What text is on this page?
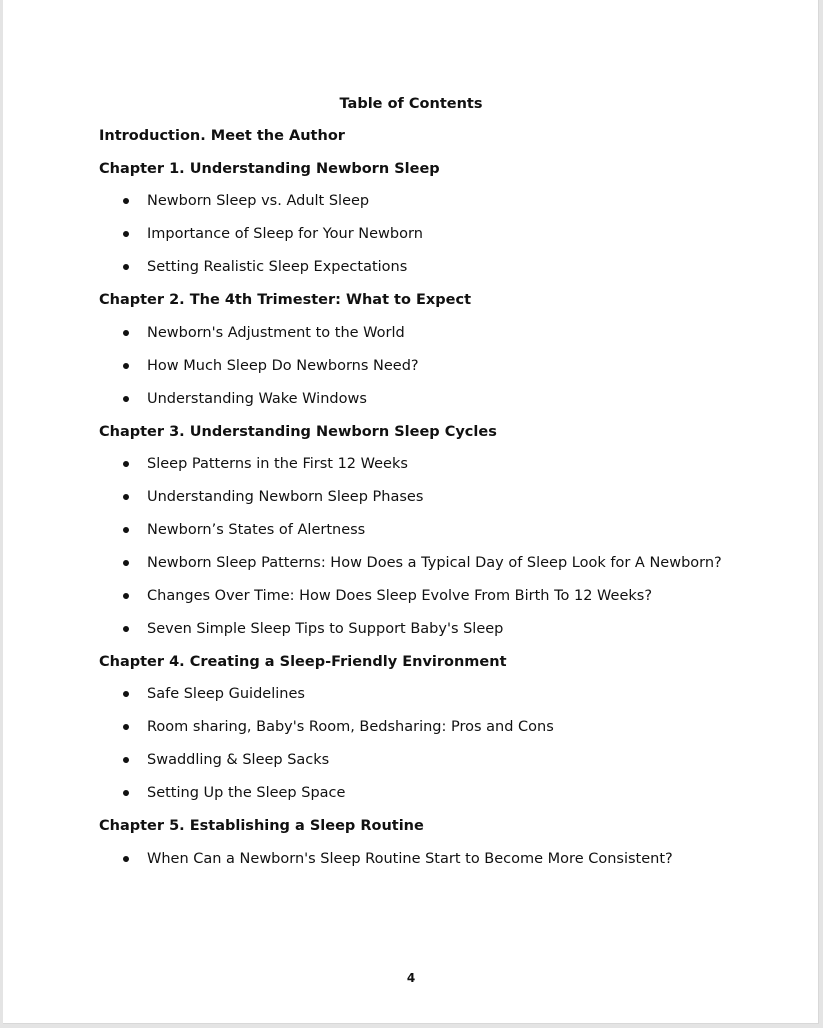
Table of Contents
Introduction. Meet the Author
Chapter 1. Understanding Newborn Sleep
Newborn Sleep vs. Adult Sleep
Importance of Sleep for Your Newborn
Setting Realistic Sleep Expectations
Chapter 2. The 4th Trimester: What to Expect
Newborn's Adjustment to the World
How Much Sleep Do Newborns Need?
Understanding Wake Windows
Chapter 3. Understanding Newborn Sleep Cycles
Sleep Patterns in the First 12 Weeks
Understanding Newborn Sleep Phases
Newborn’s States of Alertness
Newborn Sleep Patterns: How Does a Typical Day of Sleep Look for A Newborn?
Changes Over Time: How Does Sleep Evolve From Birth To 12 Weeks?
Seven Simple Sleep Tips to Support Baby's Sleep
Chapter 4. Creating a Sleep-Friendly Environment
Safe Sleep Guidelines
Room sharing, Baby's Room, Bedsharing: Pros and Cons
Swaddling & Sleep Sacks
Setting Up the Sleep Space
Chapter 5. Establishing a Sleep Routine
When Can a Newborn's Sleep Routine Start to Become More Consistent?
4
